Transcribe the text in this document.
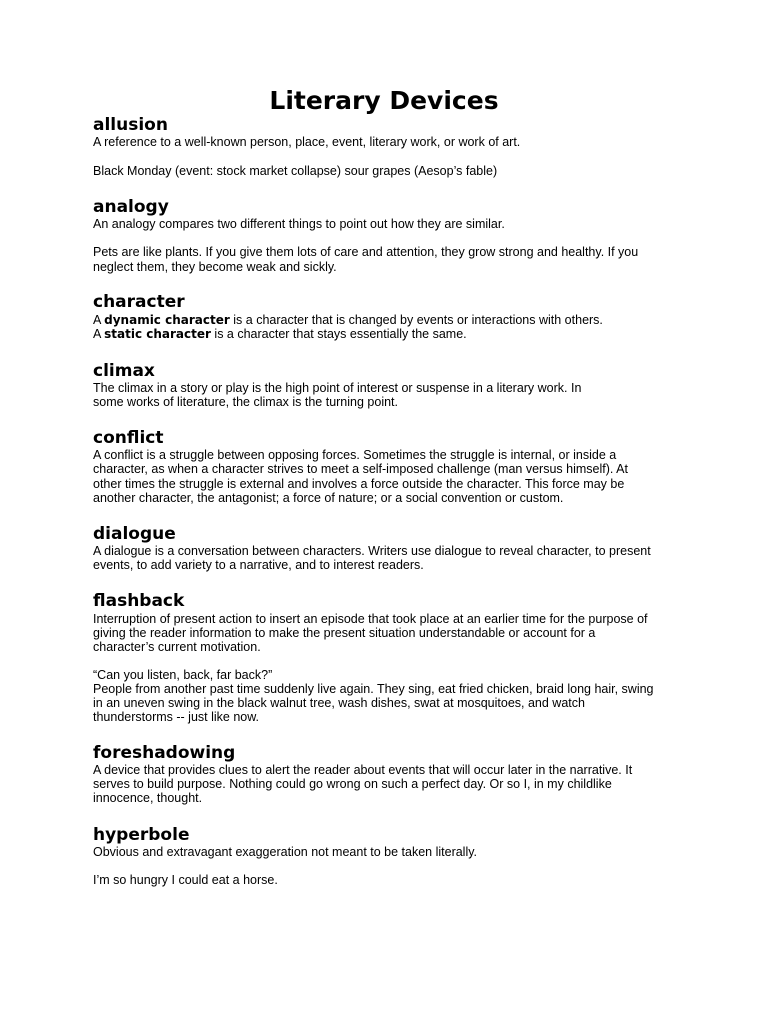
Literary Devices
allusion
A reference to a well-known person, place, event, literary work, or work of art.
Black Monday (event: stock market collapse) sour grapes (Aesop’s fable)
analogy
An analogy compares two different things to point out how they are similar.
Pets are like plants. If you give them lots of care and attention, they grow strong and healthy. If you
neglect them, they become weak and sickly.
character
A dynamic character is a character that is changed by events or interactions with others.
A static character is a character that stays essentially the same.
climax
The climax in a story or play is the high point of interest or suspense in a literary work. In
some works of literature, the climax is the turning point.
conflict
A conflict is a struggle between opposing forces. Sometimes the struggle is internal, or inside a
character, as when a character strives to meet a self-imposed challenge (man versus himself). At
other times the struggle is external and involves a force outside the character. This force may be
another character, the antagonist; a force of nature; or a social convention or custom.
dialogue
A dialogue is a conversation between characters. Writers use dialogue to reveal character, to present
events, to add variety to a narrative, and to interest readers.
flashback
Interruption of present action to insert an episode that took place at an earlier time for the purpose of
giving the reader information to make the present situation understandable or account for a
character’s current motivation.
“Can you listen, back, far back?”
People from another past time suddenly live again. They sing, eat fried chicken, braid long hair, swing
in an uneven swing in the black walnut tree, wash dishes, swat at mosquitoes, and watch
thunderstorms -- just like now.
foreshadowing
A device that provides clues to alert the reader about events that will occur later in the narrative. It
serves to build purpose. Nothing could go wrong on such a perfect day. Or so I, in my childlike
innocence, thought.
hyperbole
Obvious and extravagant exaggeration not meant to be taken literally.
I’m so hungry I could eat a horse.
